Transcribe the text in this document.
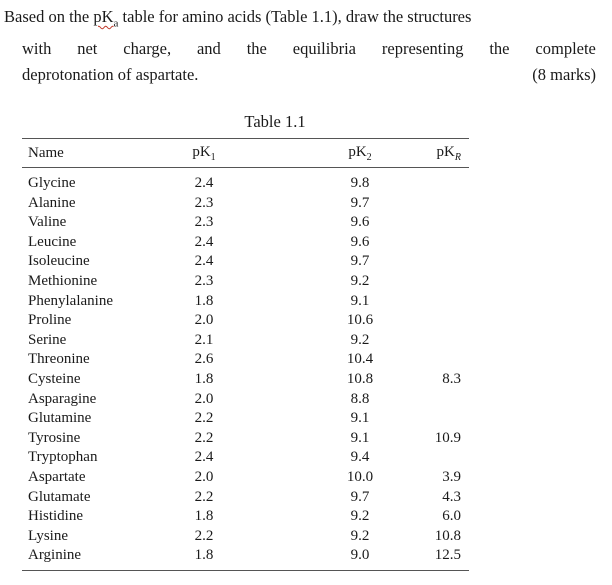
Based on the $pK_a$ table for amino acids (Table 1.1), draw the structures
with net charge, and the equilibria representing the complete
deprotonation of aspartate.	(8 marks)
Table 1.1
Name	$pK_1$	$pK_2$	$pK_R$
Glycine	2.4	9.8	
Alanine	2.3	9.7	
Valine	2.3	9.6	
Leucine	2.4	9.6	
Isoleucine	2.4	9.7	
Methionine	2.3	9.2	
Phenylalanine	1.8	9.1	
Proline	2.0	10.6	
Serine	2.1	9.2	
Threonine	2.6	10.4	
Cysteine	1.8	10.8	8.3
Asparagine	2.0	8.8	
Glutamine	2.2	9.1	
Tyrosine	2.2	9.1	10.9
Tryptophan	2.4	9.4	
Aspartate	2.0	10.0	3.9
Glutamate	2.2	9.7	4.3
Histidine	1.8	9.2	6.0
Lysine	2.2	9.2	10.8
Arginine	1.8	9.0	12.5
